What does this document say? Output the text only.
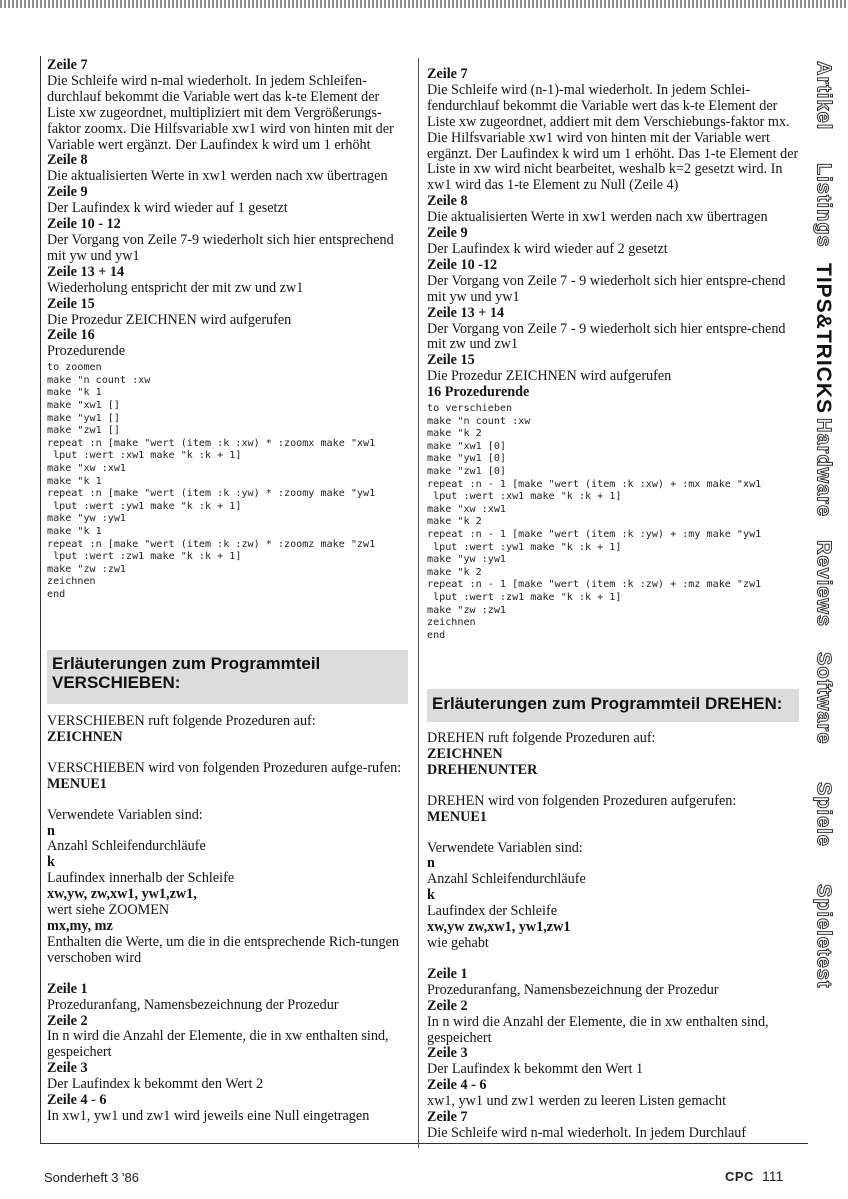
Zeile 7
Die Schleife wird n-mal wiederholt. In jedem Schleifen-durchlauf bekommt die Variable wert das k-te Element der Liste xw zugeordnet, multipliziert mit dem Vergrößerungs-faktor zoomx. Die Hilfsvariable xw1 wird von hinten mit der Variable wert ergänzt. Der Laufindex k wird um 1 erhöht
Zeile 8
Die aktualisierten Werte in xw1 werden nach xw übertragen
Zeile 9
Der Laufindex k wird wieder auf 1 gesetzt
Zeile 10 - 12
Der Vorgang von Zeile 7-9 wiederholt sich hier entsprechend mit yw und yw1
Zeile 13 + 14
Wiederholung entspricht der mit zw und zw1
Zeile 15
Die Prozedur ZEICHNEN wird aufgerufen
Zeile 16
Prozedurende
to zoomen
make "n count :xw
make "k 1
make "xw1 []
make "yw1 []
make "zw1 []
repeat :n [make "wert (item :k :xw) * :zoomx make "xw1
lput :wert :xw1 make "k :k + 1]
make "xw :xw1
make "k 1
repeat :n [make "wert (item :k :yw) * :zoomy make "yw1
lput :wert :yw1 make "k :k + 1]
make "yw :yw1
make "k 1
repeat :n [make "wert (item :k :zw) * :zoomz make "zw1
lput :wert :zw1 make "k :k + 1]
make "zw :zw1
zeichnen
end
Zeile 7
Die Schleife wird (n-1)-mal wiederholt. In jedem Schlei-fendurchlauf bekommt die Variable wert das k-te Element der Liste xw zugeordnet, addiert mit dem Verschiebungs-faktor mx. Die Hilfsvariable xw1 wird von hinten mit der Variable wert ergänzt. Der Laufindex k wird um 1 erhöht. Das 1-te Element der Liste in xw wird nicht bearbeitet, weshalb k=2 gesetzt wird. In xw1 wird das 1-te Element zu Null (Zeile 4)
Zeile 8
Die aktualisierten Werte in xw1 werden nach xw übertragen
Zeile 9
Der Laufindex k wird wieder auf 2 gesetzt
Zeile 10 -12
Der Vorgang von Zeile 7 - 9 wiederholt sich hier entspre-chend mit yw und yw1
Zeile 13 + 14
Der Vorgang von Zeile 7 - 9 wiederholt sich hier entspre-chend mit zw und zw1
Zeile 15
Die Prozedur ZEICHNEN wird aufgerufen
16 Prozedurende
to verschieben
make "n count :xw
make "k 2
make "xw1 [0]
make "yw1 [0]
make "zw1 [0]
repeat :n - 1 [make "wert (item :k :xw) + :mx make "xw1
lput :wert :xw1 make "k :k + 1]
make "xw :xw1
make "k 2
repeat :n - 1 [make "wert (item :k :yw) + :my make "yw1
lput :wert :yw1 make "k :k + 1]
make "yw :yw1
make "k 2
repeat :n - 1 [make "wert (item :k :zw) + :mz make "zw1
lput :wert :zw1 make "k :k + 1]
make "zw :zw1
zeichnen
end
Erläuterungen zum Programmteil VERSCHIEBEN:
Erläuterungen zum Programmteil DREHEN:
VERSCHIEBEN ruft folgende Prozeduren auf:
ZEICHNEN
VERSCHIEBEN wird von folgenden Prozeduren aufge-rufen:
MENUE1
Verwendete Variablen sind:
n
Anzahl Schleifendurchläufe
k
Laufindex innerhalb der Schleife
xw,yw, zw,xw1, yw1,zw1,
wert siehe ZOOMEN
mx,my, mz
Enthalten die Werte, um die in die entsprechende Rich-tungen verschoben wird
Zeile 1
Prozeduranfang, Namensbezeichnung der Prozedur
Zeile 2
In n wird die Anzahl der Elemente, die in xw enthalten sind, gespeichert
Zeile 3
Der Laufindex k bekommt den Wert 2
Zeile 4 - 6
In xw1, yw1 und zw1 wird jeweils eine Null eingetragen
DREHEN ruft folgende Prozeduren auf:
ZEICHNEN
DREHENUNTER
DREHEN wird von folgenden Prozeduren aufgerufen:
MENUE1
Verwendete Variablen sind:
n
Anzahl Schleifendurchläufe
k
Laufindex der Schleife
xw,yw zw,xw1, yw1,zw1
wie gehabt
Zeile 1
Prozeduranfang, Namensbezeichnung der Prozedur
Zeile 2
In n wird die Anzahl der Elemente, die in xw enthalten sind, gespeichert
Zeile 3
Der Laufindex k bekommt den Wert 1
Zeile 4 - 6
xw1, yw1 und zw1 werden zu leeren Listen gemacht
Zeile 7
Die Schleife wird n-mal wiederholt. In jedem Durchlauf
Artikel
Listings
TIPS&TRICKS
Hardware
Reviews
Software
Spiele
Spieletest
Sonderheft 3 '86	CPC 111
